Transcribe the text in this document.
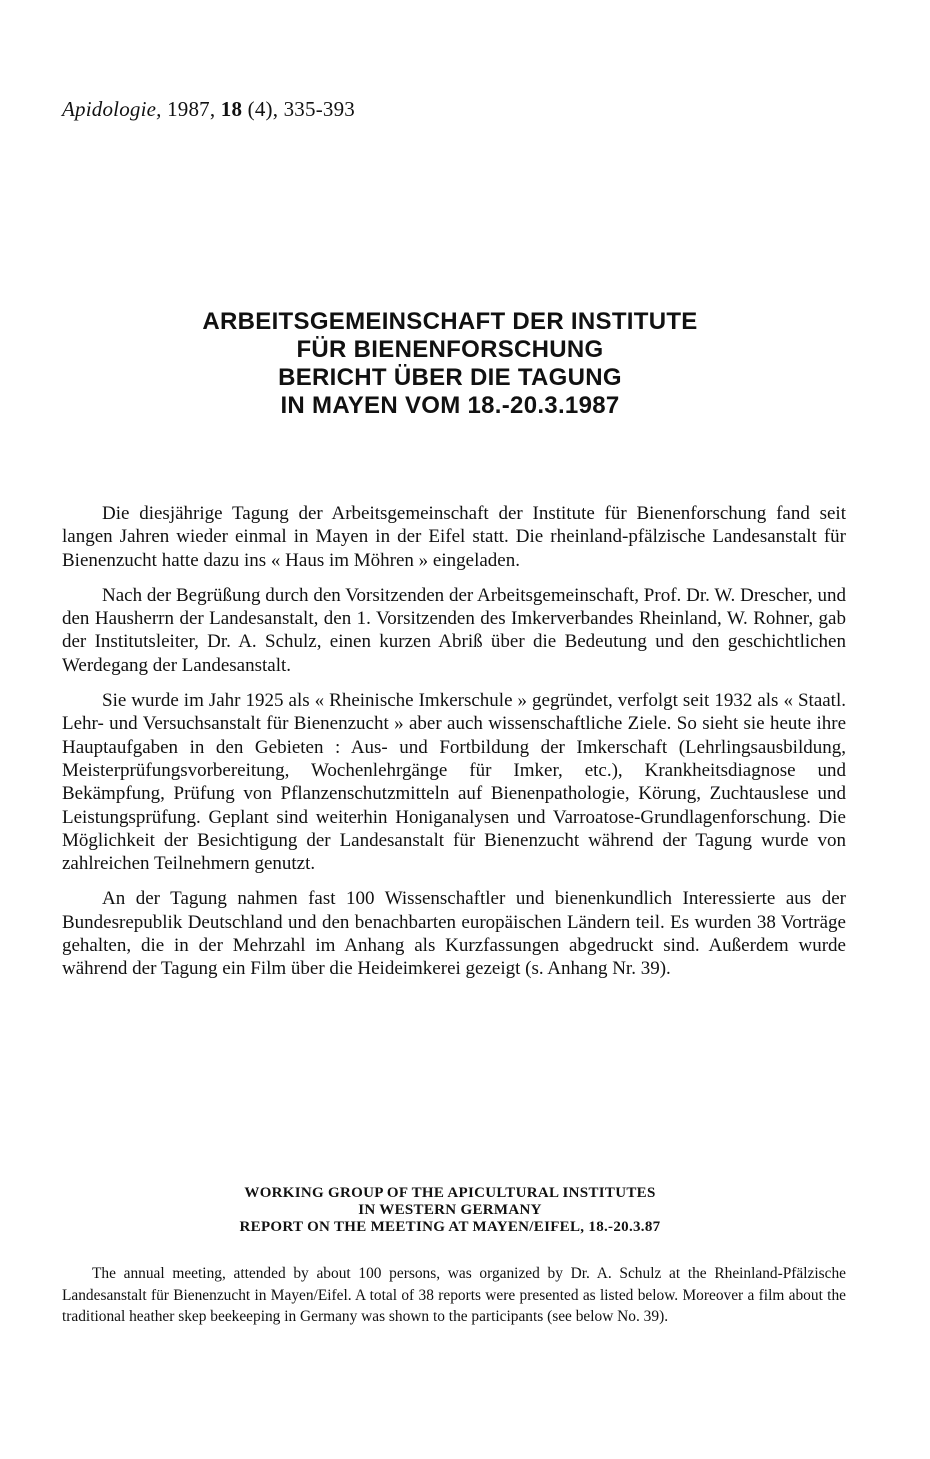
Apidologie, 1987, 18 (4), 335-393
ARBEITSGEMEINSCHAFT DER INSTITUTE
FÜR BIENENFORSCHUNG
BERICHT ÜBER DIE TAGUNG
IN MAYEN VOM 18.-20.3.1987

Die diesjährige Tagung der Arbeitsgemeinschaft der Institute für Bienenforschung fand seit langen Jahren wieder einmal in Mayen in der Eifel statt. Die rheinland-pfälzische Landesanstalt für Bienenzucht hatte dazu ins « Haus im Möhren » eingeladen.

Nach der Begrüßung durch den Vorsitzenden der Arbeitsgemeinschaft, Prof. Dr. W. Drescher, und den Hausherrn der Landesanstalt, den 1. Vorsitzenden des Imkerverbandes Rheinland, W. Rohner, gab der Institutsleiter, Dr. A. Schulz, einen kurzen Abriß über die Bedeutung und den geschichtlichen Werdegang der Landesanstalt.

Sie wurde im Jahr 1925 als « Rheinische Imkerschule » gegründet, verfolgt seit 1932 als « Staatl. Lehr- und Versuchsanstalt für Bienenzucht » aber auch wissenschaftliche Ziele. So sieht sie heute ihre Hauptaufgaben in den Gebieten : Aus- und Fortbildung der Imkerschaft (Lehrlingsausbildung, Meisterprüfungsvorbereitung, Wochenlehrgänge für Imker, etc.), Krankheitsdiagnose und Bekämpfung, Prüfung von Pflanzenschutzmitteln auf Bienenpathologie, Körung, Zuchtauslese und Leistungsprüfung. Geplant sind weiterhin Honiganalysen und Varroatose-Grundlagenforschung. Die Möglichkeit der Besichtigung der Landesanstalt für Bienenzucht während der Tagung wurde von zahlreichen Teilnehmern genutzt.

An der Tagung nahmen fast 100 Wissenschaftler und bienenkundlich Interessierte aus der Bundesrepublik Deutschland und den benachbarten europäischen Ländern teil. Es wurden 38 Vorträge gehalten, die in der Mehrzahl im Anhang als Kurzfassungen abgedruckt sind. Außerdem wurde während der Tagung ein Film über die Heideimkerei gezeigt (s. Anhang Nr. 39).

WORKING GROUP OF THE APICULTURAL INSTITUTES
IN WESTERN GERMANY
REPORT ON THE MEETING AT MAYEN/EIFEL, 18.-20.3.87

The annual meeting, attended by about 100 persons, was organized by Dr. A. Schulz at the Rheinland-Pfälzische Landesanstalt für Bienenzucht in Mayen/Eifel. A total of 38 reports were presented as listed below. Moreover a film about the traditional heather skep beekeeping in Germany was shown to the participants (see below No. 39).
